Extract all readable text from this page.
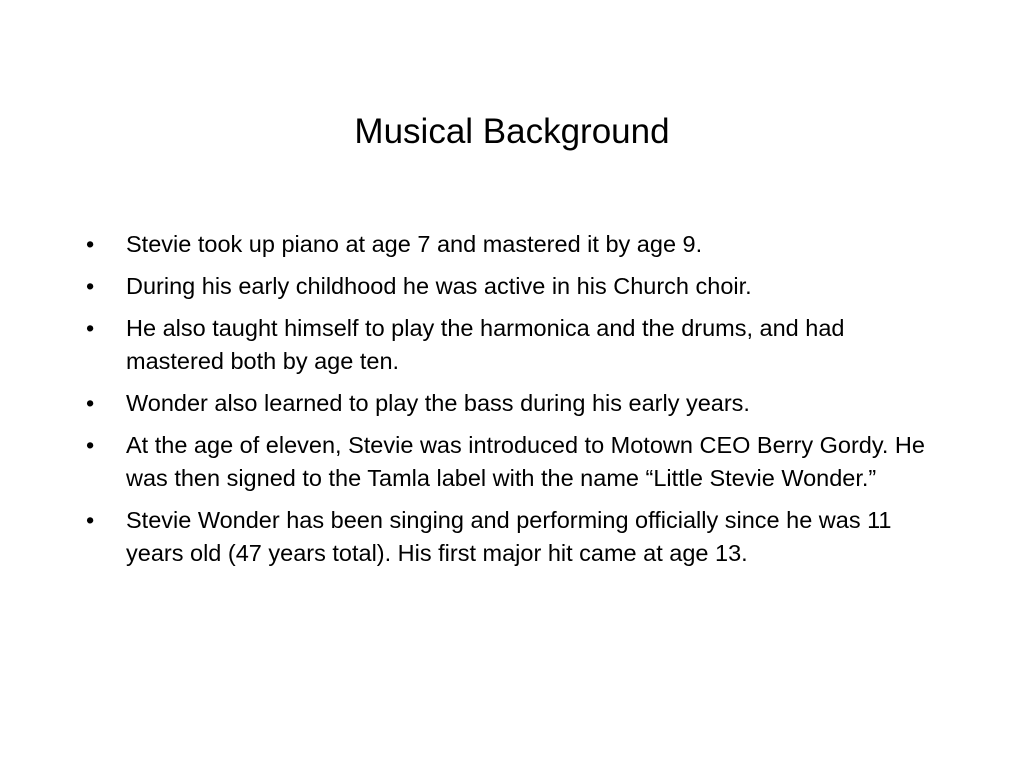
Musical Background
•	Stevie took up piano at age 7 and mastered it by age 9.
•	During his early childhood he was active in his Church choir.
•	He also taught himself to play the harmonica and the drums, and had mastered both by age ten.
•	Wonder also learned to play the bass during his early years.
•	At the age of eleven, Stevie was introduced to Motown CEO Berry Gordy. He was then signed to the Tamla label with the name “Little Stevie Wonder.”
•	Stevie Wonder has been singing and performing officially since he was 11 years old (47 years total). His first major hit came at age 13.
